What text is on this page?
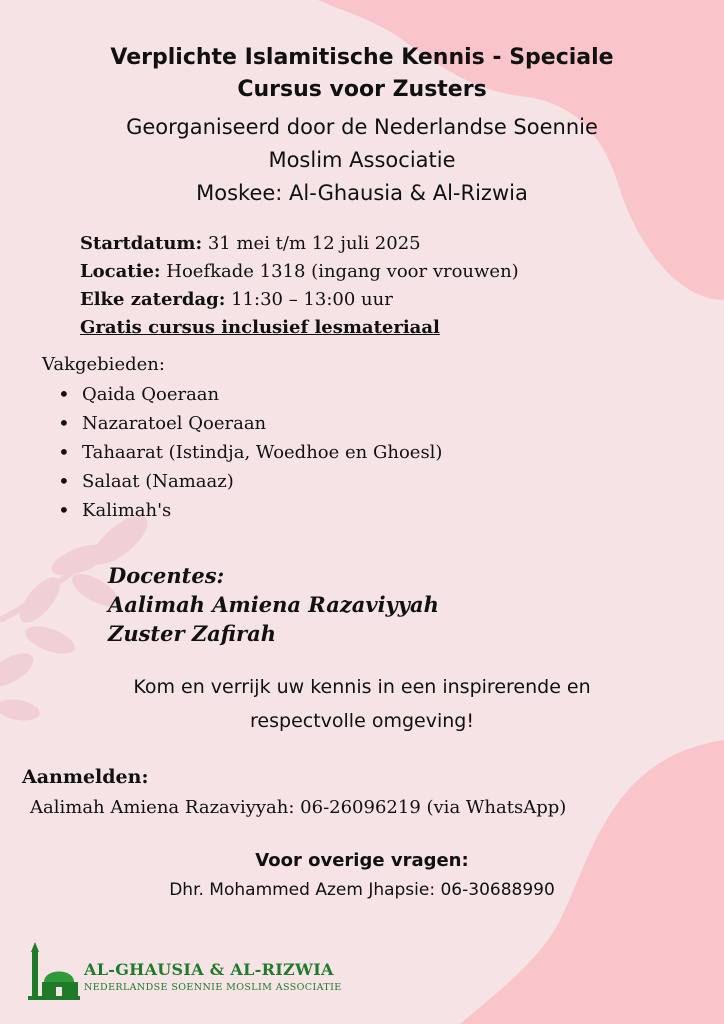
Verplichte Islamitische Kennis - Speciale
Cursus voor Zusters
Georganiseerd door de Nederlandse Soennie
Moslim Associatie
Moskee: Al-Ghausia & Al-Rizwia
Startdatum: 31 mei t/m 12 juli 2025
Locatie: Hoefkade 1318 (ingang voor vrouwen)
Elke zaterdag: 11:30 – 13:00 uur
Gratis cursus inclusief lesmateriaal
Vakgebieden:
• Qaida Qoeraan
• Nazaratoel Qoeraan
• Tahaarat (Istindja, Woedhoe en Ghoesl)
• Salaat (Namaaz)
• Kalimah's
Docentes:
Aalimah Amiena Razaviyyah
Zuster Zafirah
Kom en verrijk uw kennis in een inspirerende en
respectvolle omgeving!
Aanmelden:
Aalimah Amiena Razaviyyah: 06-26096219 (via WhatsApp)
Voor overige vragen:
Dhr. Mohammed Azem Jhapsie: 06-30688990
AL-GHAUSIA & AL-RIZWIA
NEDERLANDSE SOENNIE MOSLIM ASSOCIATIE
